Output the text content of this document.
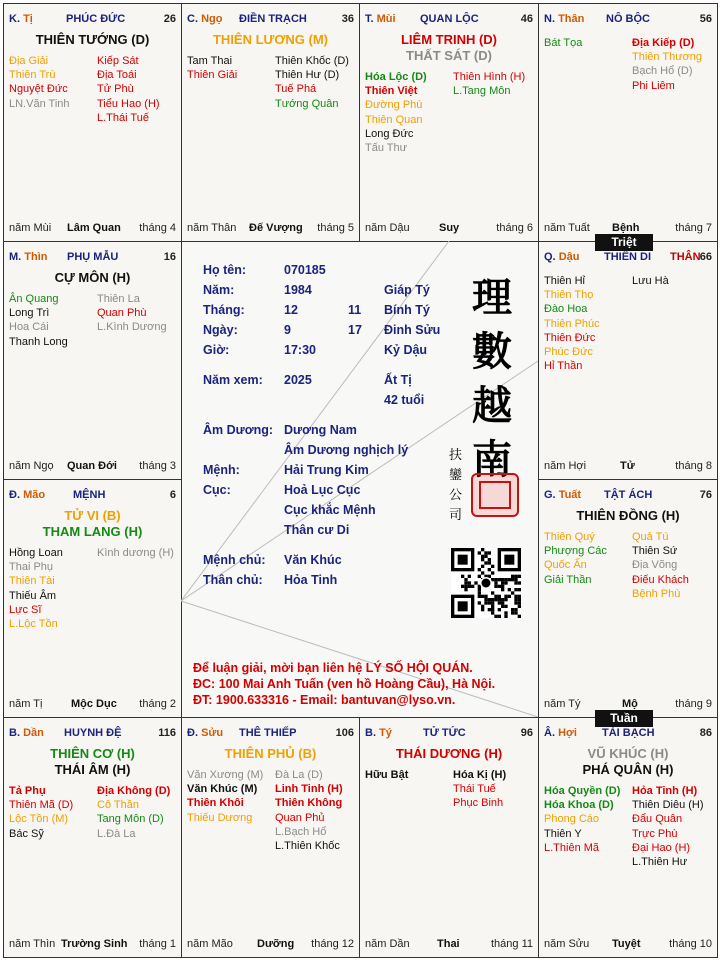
K. Tị	PHÚC ĐỨC	26
THIÊN TƯỚNG (D)
Địa Giải
Thiên Trù
Nguyệt Đức
LN.Văn Tinh
Kiếp Sát
Địa Toái
Tử Phù
Tiểu Hao (H)
L.Thái Tuế
năm Mùi Lâm Quan tháng 4
C. Ngọ ĐIỀN TRẠCH	36
THIÊN LƯƠNG (M)
Tam Thai
Thiên Giải
Thiên Khốc (D)
Thiên Hư (D)
Tuế Phá
Tướng Quân
năm Thân Đế Vượng tháng 5
T. Mùi QUAN LỘC	46
LIÊM TRINH (D)
THẤT SÁT (D)
Hóa Lộc (D)
Thiên Việt
Đường Phù
Thiên Quan
Long Đức
Tấu Thư
Thiên Hình (H)
L.Tang Môn
năm Dậu	Suy	tháng 6
N. Thân NÔ BỘC	56
Bát Tọa	Địa Kiếp (D)
Thiên Thương
Bạch Hổ (D)
Phi Liêm
năm Tuất Bệnh	tháng 7
M. Thìn PHỤ MẪU	16
CỰ MÔN (H)
Ân Quang
Long Trì
Hoa Cái
Thanh Long
Thiên La
Quan Phù
L.Kình Dương
năm Ngọ Quan Đới tháng 3
Q. Dậu THIÊN DI THÂN 66
Thiên Hỉ
Thiên Thọ
Đào Hoa
Thiên Phúc
Thiên Đức
Phúc Đức
Hỉ Thần
Lưu Hà
năm Hợi	Tử	tháng 8
Đ. Mão	MỆNH	6
TỬ VI (B)
THAM LANG (H)
Hồng Loan
Thai Phụ
Thiên Tài
Thiếu Âm
Lực Sĩ
L.Lộc Tồn
Kình dương (H)
năm Tị	Mộc Dục tháng 2
G. Tuất TẬT ÁCH	76
THIÊN ĐỒNG (H)
Thiên Quý
Phượng Các
Quốc Ấn
Giải Thần
Quả Tú
Thiên Sứ
Địa Võng
Điếu Khách
Bệnh Phù
năm Tý	Mộ	tháng 9
B. Dần HUYNH ĐỆ	116
THIÊN CƠ (H)
THÁI ÂM (H)
Tả Phụ
Thiên Mã (D)
Lộc Tồn (M)
Bác Sỹ
Địa Không (D)
Cô Thần
Tang Môn (D)
L.Đà La
năm Thìn Trường Sinh tháng 1
Đ. Sửu THÊ THIẾP	106
THIÊN PHỦ (B)
Văn Xương (M)
Văn Khúc (M)
Thiên Khôi
Thiếu Dương
Đà La (D)
Linh Tinh (H)
Thiên Không
Quan Phủ
L.Bạch Hổ
L.Thiên Khốc
năm Mão Dưỡng tháng 12
B. Tý	TỬ TỨC	96
THÁI DƯƠNG (H)
Hữu Bật	Hóa Kị (H)
Thái Tuế
Phục Binh
năm Dần Thai	tháng 11
Â. Hợi TÀI BẠCH	86
VŨ KHÚC (H)
PHÁ QUÂN (H)
Hóa Quyền (D)
Hóa Khoa (D)
Phong Cáo
Thiên Y
L.Thiên Mã
Hỏa Tinh (H)
Thiên Diêu (H)
Đẩu Quân
Trực Phù
Đại Hao (H)
L.Thiên Hư
năm Sửu Tuyệt	tháng 10
Họ tên:	070185
Năm:	1984	Giáp Tý
Tháng:	12	11 Bính Tý
Ngày:	9	17 Đinh Sửu
Giờ:	17:30	Kỷ Dậu
Năm xem: 2025	Ất Tị
42 tuổi
Âm Dương: Dương Nam
Âm Dương nghịch lý
Mệnh:	Hải Trung Kim
Cục:	Hoả Lục Cục
Cục khắc Mệnh
Thân cư Di
Mệnh chủ: Văn Khúc
Thân chủ: Hỏa Tinh
理
數
越
南
扶
鑾
公
司
Để luận giải, mời bạn liên hệ LÝ SỐ HỘI QUÁN.
ĐC: 100 Mai Anh Tuấn (ven hồ Hoàng Cầu), Hà Nội.
ĐT: 1900.633316 - Email: bantuvan@lyso.vn.
Triệt
Tuần
